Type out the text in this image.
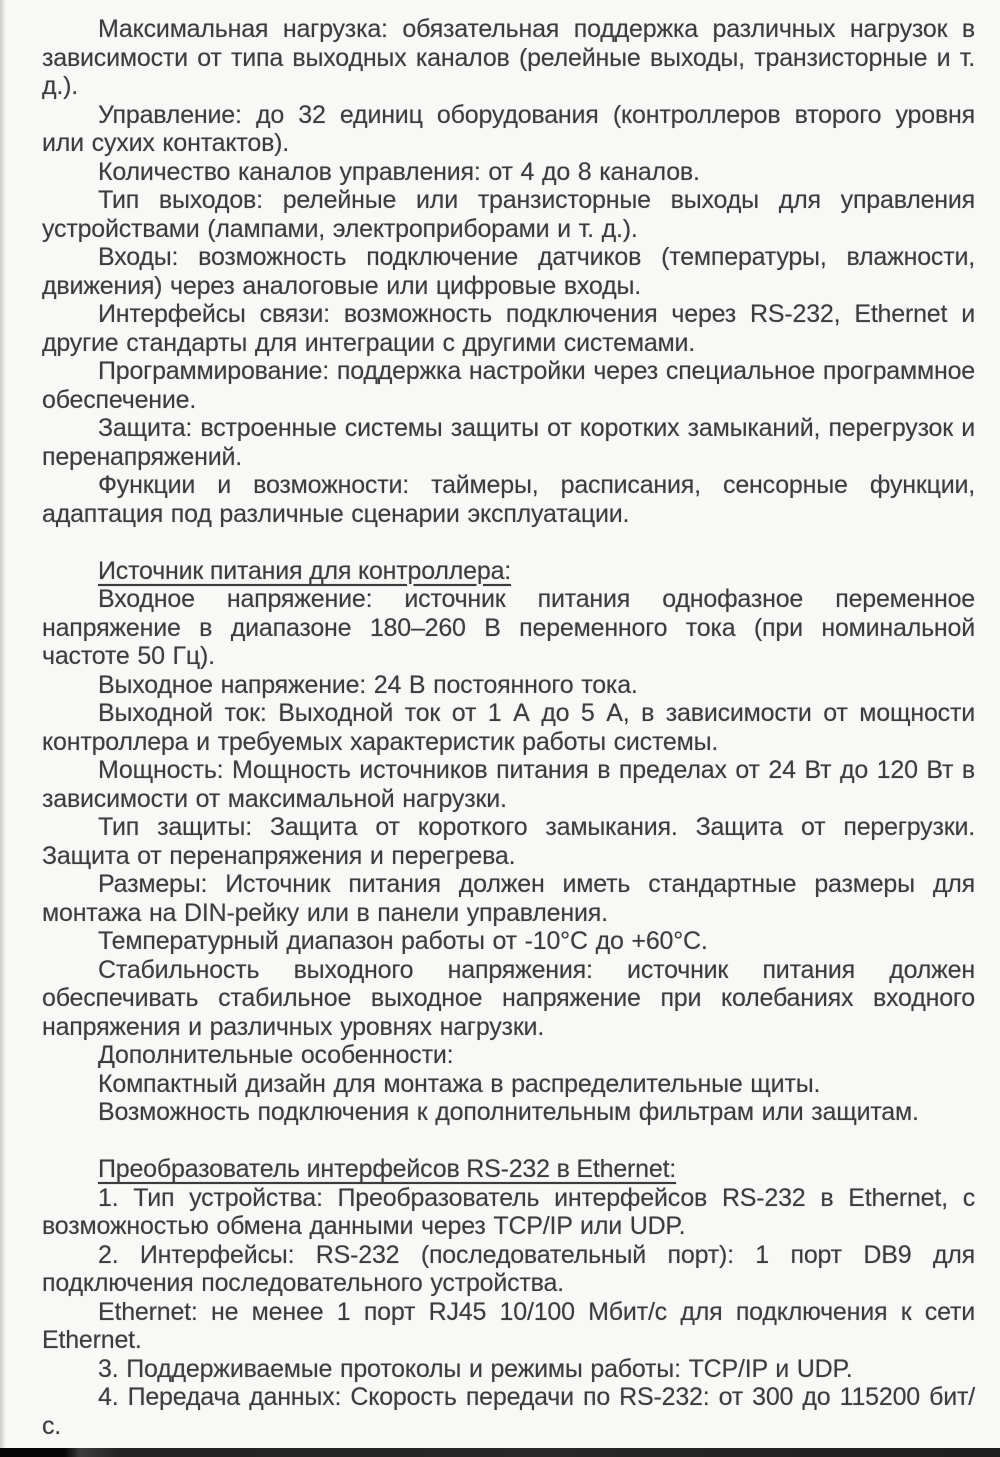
Максимальная нагрузка: обязательная поддержка различных нагрузок в зависимости от типа выходных каналов (релейные выходы, транзисторные и т. д.).

Управление: до 32 единиц оборудования (контроллеров второго уровня или сухих контактов).

Количество каналов управления: от 4 до 8 каналов.

Тип выходов: релейные или транзисторные выходы для управления устройствами (лампами, электроприборами и т. д.).

Входы: возможность подключение датчиков (температуры, влажности, движения) через аналоговые или цифровые входы.

Интерфейсы связи: возможность подключения через RS-232, Ethernet и другие стандарты для интеграции с другими системами.

Программирование: поддержка настройки через специальное программное обеспечение.

Защита: встроенные системы защиты от коротких замыканий, перегрузок и перенапряжений.

Функции и возможности: таймеры, расписания, сенсорные функции, адаптация под различные сценарии эксплуатации.

Источник питания для контроллера:

Входное напряжение: источник питания однофазное переменное напряжение в диапазоне 180–260 В переменного тока (при номинальной частоте 50 Гц).

Выходное напряжение: 24 В постоянного тока.

Выходной ток: Выходной ток от 1 А до 5 А, в зависимости от мощности контроллера и требуемых характеристик работы системы.

Мощность: Мощность источников питания в пределах от 24 Вт до 120 Вт в зависимости от максимальной нагрузки.

Тип защиты: Защита от короткого замыкания. Защита от перегрузки. Защита от перенапряжения и перегрева.

Размеры: Источник питания должен иметь стандартные размеры для монтажа на DIN-рейку или в панели управления.

Температурный диапазон работы от -10°C до +60°C.

Стабильность выходного напряжения: источник питания должен обеспечивать стабильное выходное напряжение при колебаниях входного напряжения и различных уровнях нагрузки.

Дополнительные особенности:

Компактный дизайн для монтажа в распределительные щиты.

Возможность подключения к дополнительным фильтрам или защитам.

Преобразователь интерфейсов RS-232 в Ethernet:

1. Тип устройства: Преобразователь интерфейсов RS-232 в Ethernet, с возможностью обмена данными через TCP/IP или UDP.

2. Интерфейсы: RS-232 (последовательный порт): 1 порт DB9 для подключения последовательного устройства.

Ethernet: не менее 1 порт RJ45 10/100 Мбит/с для подключения к сети Ethernet.

3. Поддерживаемые протоколы и режимы работы: TCP/IP и UDP.

4. Передача данных: Скорость передачи по RS-232: от 300 до 115200 бит/с.
